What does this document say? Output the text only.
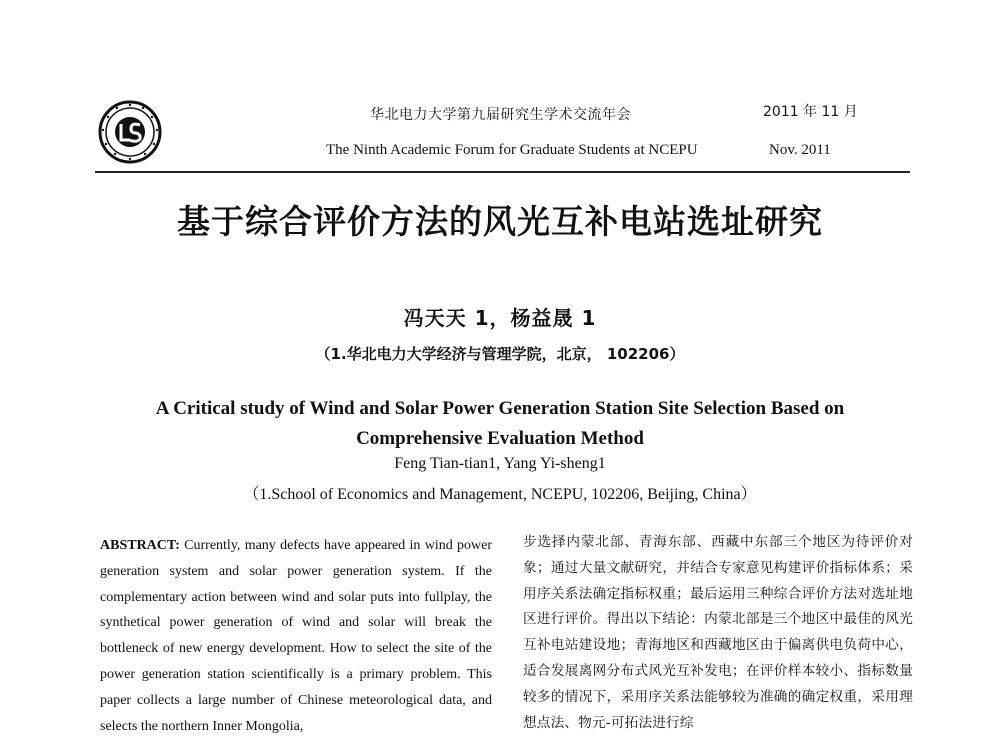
华北电力大学第九届研究生学术交流年会	2011 年 11 月
The Ninth Academic Forum for Graduate Students at NCEPU	Nov. 2011
基于综合评价方法的风光互补电站选址研究
冯天天 1，杨益晟 1
（1.华北电力大学经济与管理学院，北京， 102206）
A Critical study of Wind and Solar Power Generation Station Site Selection Based on
Comprehensive Evaluation Method
Feng Tian-tian1, Yang Yi-sheng1
（1.School of Economics and Management, NCEPU, 102206, Beijing, China）
ABSTRACT: Currently, many defects have appeared in wind power generation system and solar power generation system. If the complementary action between wind and solar puts into fullplay, the synthetical power generation of wind and solar will break the bottleneck of new energy development. How to select the site of the power generation station scientifically is a primary problem. This paper collects a large number of Chinese meteorological data, and selects the northern Inner Mongolia,
步选择内蒙北部、青海东部、西藏中东部三个地区为待评价对象；通过大量文献研究，并结合专家意见构建评价指标体系；采用序关系法确定指标权重；最后运用三种综合评价方法对选址地区进行评价。得出以下结论：内蒙北部是三个地区中最佳的风光互补电站建设地；青海地区和西藏地区由于偏离供电负荷中心，适合发展离网分布式风光互补发电；在评价样本较小、指标数量较多的情况下，采用序关系法能够较为准确的确定权重，采用理想点法、物元-可拓法进行综
